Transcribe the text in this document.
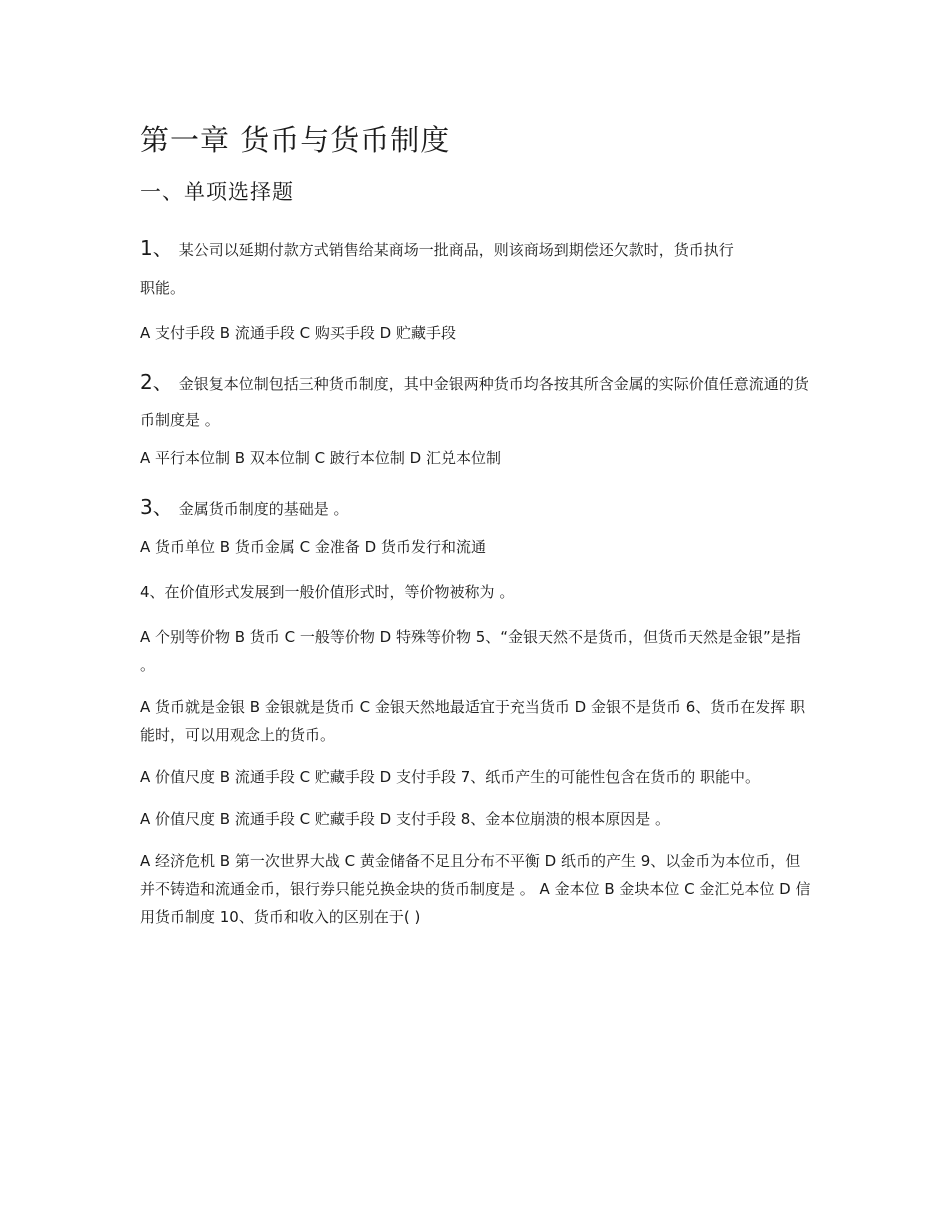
第一章 货币与货币制度
一、单项选择题

1、 某公司以延期付款方式销售给某商场一批商品，则该商场到期偿还欠款时，货币执行

职能。

A 支付手段 B 流通手段 C 购买手段 D 贮藏手段

2、 金银复本位制包括三种货币制度，其中金银两种货币均各按其所含金属的实际价值任意流通的货币制度是 。

A 平行本位制 B 双本位制 C 跛行本位制 D 汇兑本位制

3、 金属货币制度的基础是 。

A 货币单位 B 货币金属 C 金准备 D 货币发行和流通

4、在价值形式发展到一般价值形式时，等价物被称为 。

A 个别等价物 B 货币 C 一般等价物 D 特殊等价物 5、“金银天然不是货币，但货币天然是金银”是指 。

A 货币就是金银 B 金银就是货币 C 金银天然地最适宜于充当货币 D 金银不是货币 6、货币在发挥 职能时，可以用观念上的货币。

A 价值尺度 B 流通手段 C 贮藏手段 D 支付手段 7、纸币产生的可能性包含在货币的 职能中。

A 价值尺度 B 流通手段 C 贮藏手段 D 支付手段 8、金本位崩溃的根本原因是 。

A 经济危机 B 第一次世界大战 C 黄金储备不足且分布不平衡 D 纸币的产生 9、以金币为本位币，但并不铸造和流通金币，银行券只能兑换金块的货币制度是 。 A 金本位 B 金块本位 C 金汇兑本位 D 信用货币制度 10、货币和收入的区别在于( )
